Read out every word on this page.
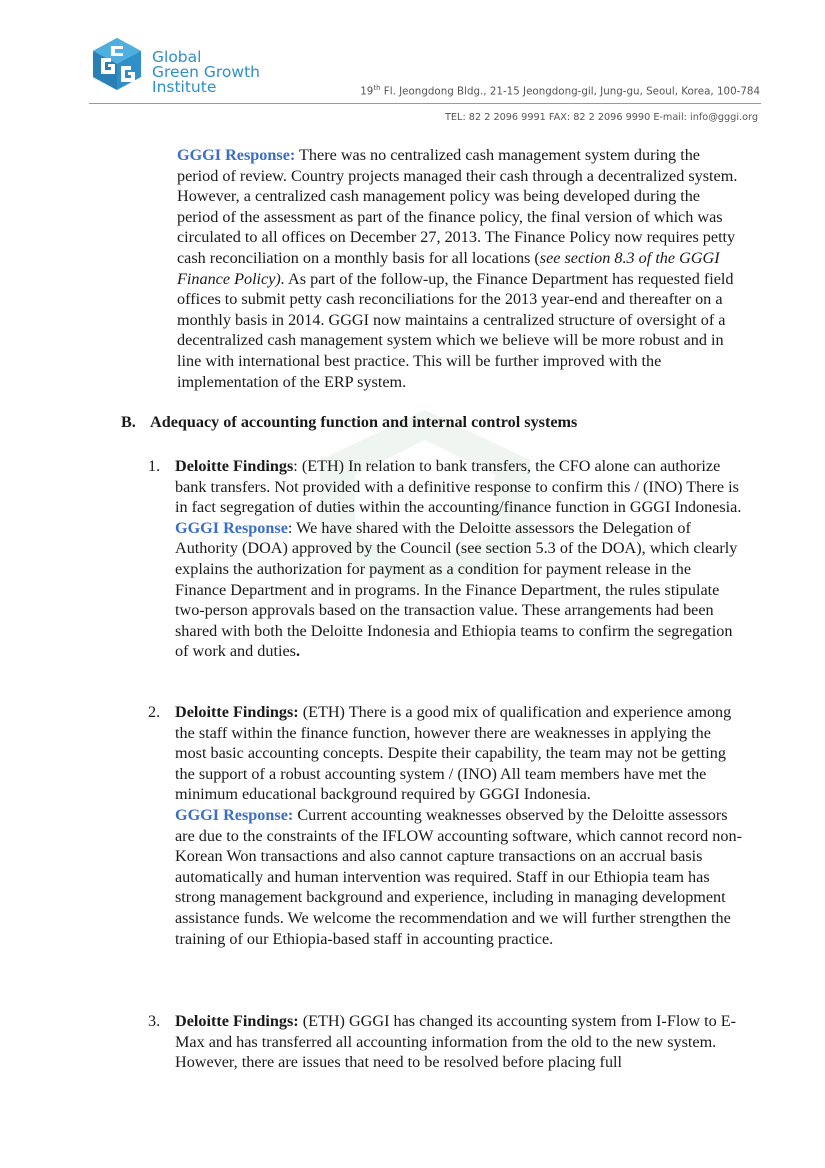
Global
Green Growth
Institute	19th Fl. Jeongdong Bldg., 21-15 Jeongdong-gil, Jung-gu, Seoul, Korea, 100-784
TEL: 82 2 2096 9991 FAX: 82 2 2096 9990 E-mail: info@gggi.org
GGGI Response: There was no centralized cash management system during the period of review. Country projects managed their cash through a decentralized system. However, a centralized cash management policy was being developed during the period of the assessment as part of the finance policy, the final version of which was circulated to all offices on December 27, 2013. The Finance Policy now requires petty cash reconciliation on a monthly basis for all locations (see section 8.3 of the GGGI Finance Policy). As part of the follow-up, the Finance Department has requested field offices to submit petty cash reconciliations for the 2013 year-end and thereafter on a monthly basis in 2014. GGGI now maintains a centralized structure of oversight of a decentralized cash management system which we believe will be more robust and in line with international best practice. This will be further improved with the implementation of the ERP system.
B. Adequacy of accounting function and internal control systems
1. Deloitte Findings: (ETH) In relation to bank transfers, the CFO alone can authorize bank transfers. Not provided with a definitive response to confirm this / (INO) There is in fact segregation of duties within the accounting/finance function in GGGI Indonesia.
GGGI Response: We have shared with the Deloitte assessors the Delegation of Authority (DOA) approved by the Council (see section 5.3 of the DOA), which clearly explains the authorization for payment as a condition for payment release in the Finance Department and in programs. In the Finance Department, the rules stipulate two-person approvals based on the transaction value. These arrangements had been shared with both the Deloitte Indonesia and Ethiopia teams to confirm the segregation of work and duties.
2. Deloitte Findings: (ETH) There is a good mix of qualification and experience among the staff within the finance function, however there are weaknesses in applying the most basic accounting concepts. Despite their capability, the team may not be getting the support of a robust accounting system / (INO) All team members have met the minimum educational background required by GGGI Indonesia.
GGGI Response: Current accounting weaknesses observed by the Deloitte assessors are due to the constraints of the IFLOW accounting software, which cannot record non-Korean Won transactions and also cannot capture transactions on an accrual basis automatically and human intervention was required. Staff in our Ethiopia team has strong management background and experience, including in managing development assistance funds. We welcome the recommendation and we will further strengthen the training of our Ethiopia-based staff in accounting practice.
3. Deloitte Findings: (ETH) GGGI has changed its accounting system from I-Flow to E-Max and has transferred all accounting information from the old to the new system. However, there are issues that need to be resolved before placing full
